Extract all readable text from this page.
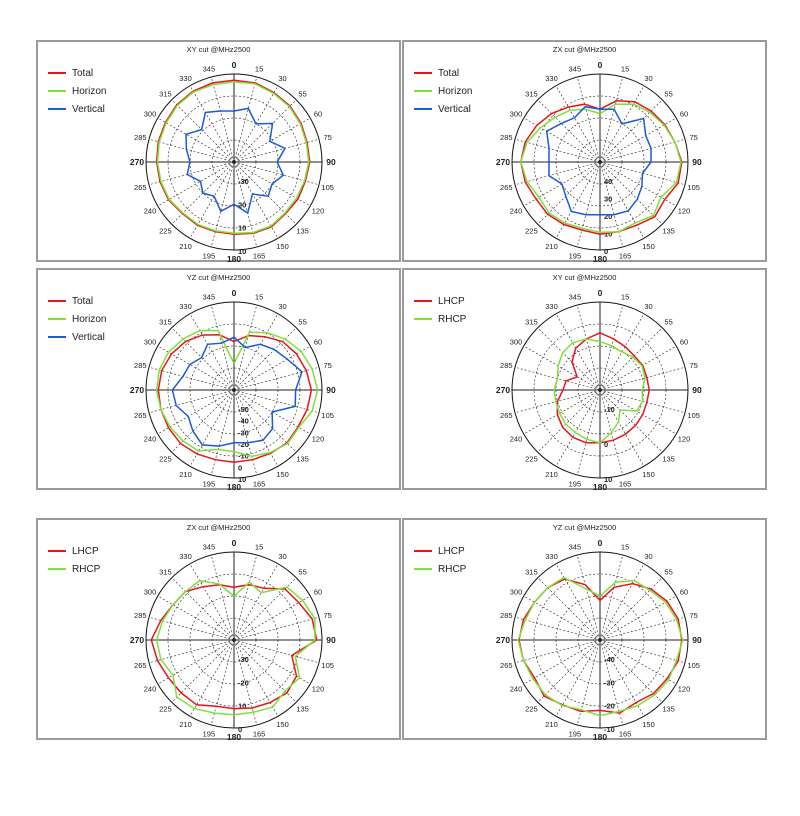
0 15
30
55
60
75
90
105
120
135
150
165
180
195
210
225
240
265
270
285
300
315
330
345
-30
20
10
10
XY cut @MHz2500
Total
Horizon
Vertical
0 15
30
55
60
75
90
105
120
135
150
165
180
195
210
225
240
265
270
285
300
315
330
345
40
30
20
10
0
ZX cut @MHz2500
Total
Horizon
Vertical
0 15
30
55
60
75
90
105
120
135
150
165
180
195
210
225
240
265
270
285
300
315
330
345
-50
-40
-30
-20
-10
0
10
YZ cut @MHz2500
Total
Horizon
Vertical
0 15
30
55
60
75
90
105
120
135
150
165
180
195
210
225
240
265
270
285
300
315
330
345
-10
0
10
XY cut @MHz2500
LHCP
RHCP
0 15
30
55
60
75
90
105
120
135
150
165
180
195
210
225
240
265
270
285
300
315
330
345
-30
-20
10
0
ZX cut @MHz2500
LHCP
RHCP
0 15
30
55
60
75
90
105
120
135
150
165
180
195
210
225
240
265
270
285
300
315
330
345
-40
-30
-20
-10
YZ cut @MHz2500
LHCP
RHCP
